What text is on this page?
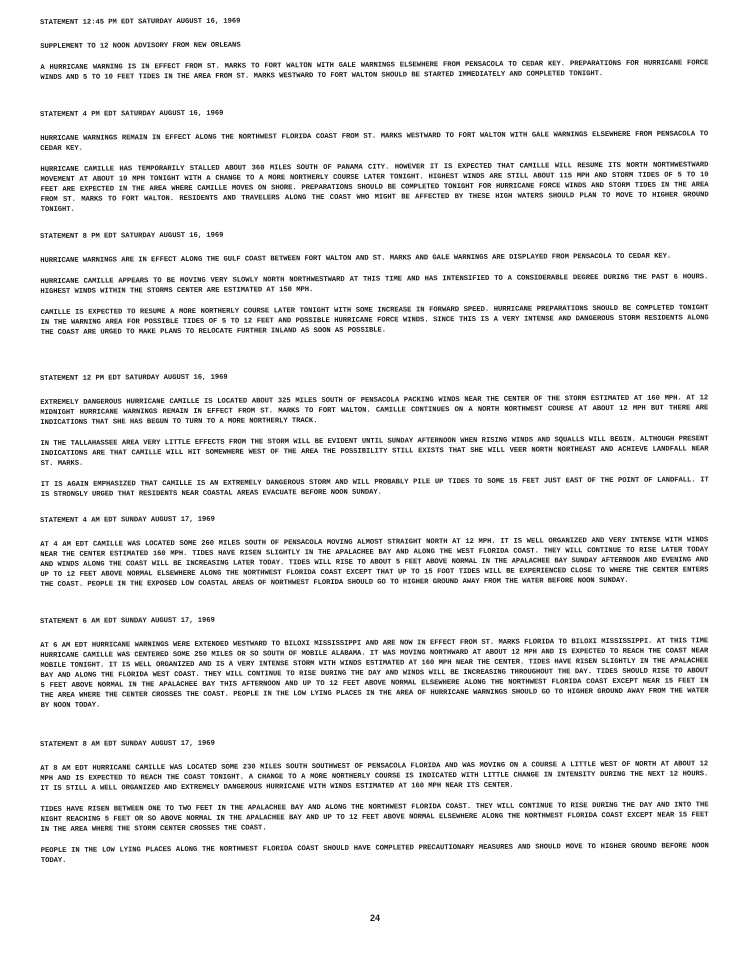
STATEMENT 12:45 PM EDT SATURDAY AUGUST 16, 1969

SUPPLEMENT TO 12 NOON ADVISORY FROM NEW ORLEANS

A HURRICANE WARNING IS IN EFFECT FROM ST. MARKS TO FORT WALTON WITH GALE WARNINGS ELSEWHERE FROM PENSACOLA TO CEDAR KEY. PREPARATIONS FOR HURRICANE FORCE WINDS AND 5 TO 10 FEET TIDES IN THE AREA FROM ST. MARKS WESTWARD TO FORT WALTON SHOULD BE STARTED IMMEDIATELY AND COMPLETED TONIGHT.

STATEMENT 4 PM EDT SATURDAY AUGUST 16, 1969

HURRICANE WARNINGS REMAIN IN EFFECT ALONG THE NORTHWEST FLORIDA COAST FROM ST. MARKS WESTWARD TO FORT WALTON WITH GALE WARNINGS ELSEWHERE FROM PENSACOLA TO CEDAR KEY.

HURRICANE CAMILLE HAS TEMPORARILY STALLED ABOUT 360 MILES SOUTH OF PANAMA CITY. HOWEVER IT IS EXPECTED THAT CAMILLE WILL RESUME ITS NORTH NORTHWESTWARD MOVEMENT AT ABOUT 10 MPH TONIGHT WITH A CHANGE TO A MORE NORTHERLY COURSE LATER TONIGHT. HIGHEST WINDS ARE STILL ABOUT 115 MPH AND STORM TIDES OF 5 TO 10 FEET ARE EXPECTED IN THE AREA WHERE CAMILLE MOVES ON SHORE. PREPARATIONS SHOULD BE COMPLETED TONIGHT FOR HURRICANE FORCE WINDS AND STORM TIDES IN THE AREA FROM ST. MARKS TO FORT WALTON. RESIDENTS AND TRAVELERS ALONG THE COAST WHO MIGHT BE AFFECTED BY THESE HIGH WATERS SHOULD PLAN TO MOVE TO HIGHER GROUND TONIGHT.

STATEMENT 8 PM EDT SATURDAY AUGUST 16, 1969

HURRICANE WARNINGS ARE IN EFFECT ALONG THE GULF COAST BETWEEN FORT WALTON AND ST. MARKS AND GALE WARNINGS ARE DISPLAYED FROM PENSACOLA TO CEDAR KEY.

HURRICANE CAMILLE APPEARS TO BE MOVING VERY SLOWLY NORTH NORTHWESTWARD AT THIS TIME AND HAS INTENSIFIED TO A CONSIDERABLE DEGREE DURING THE PAST 6 HOURS. HIGHEST WINDS WITHIN THE STORMS CENTER ARE ESTIMATED AT 150 MPH.

CAMILLE IS EXPECTED TO RESUME A MORE NORTHERLY COURSE LATER TONIGHT WITH SOME INCREASE IN FORWARD SPEED. HURRICANE PREPARATIONS SHOULD BE COMPLETED TONIGHT IN THE WARNING AREA FOR POSSIBLE TIDES OF 5 TO 12 FEET AND POSSIBLE HURRICANE FORCE WINDS. SINCE THIS IS A VERY INTENSE AND DANGEROUS STORM RESIDENTS ALONG THE COAST ARE URGED TO MAKE PLANS TO RELOCATE FURTHER INLAND AS SOON AS POSSIBLE.

STATEMENT 12 PM EDT SATURDAY AUGUST 16, 1969

EXTREMELY DANGEROUS HURRICANE CAMILLE IS LOCATED ABOUT 325 MILES SOUTH OF PENSACOLA PACKING WINDS NEAR THE CENTER OF THE STORM ESTIMATED AT 160 MPH. AT 12 MIDNIGHT HURRICANE WARNINGS REMAIN IN EFFECT FROM ST. MARKS TO FORT WALTON. CAMILLE CONTINUES ON A NORTH NORTHWEST COURSE AT ABOUT 12 MPH BUT THERE ARE INDICATIONS THAT SHE HAS BEGUN TO TURN TO A MORE NORTHERLY TRACK.

IN THE TALLAHASSEE AREA VERY LITTLE EFFECTS FROM THE STORM WILL BE EVIDENT UNTIL SUNDAY AFTERNOON WHEN RISING WINDS AND SQUALLS WILL BEGIN. ALTHOUGH PRESENT INDICATIONS ARE THAT CAMILLE WILL HIT SOMEWHERE WEST OF THE AREA THE POSSIBILITY STILL EXISTS THAT SHE WILL VEER NORTH NORTHEAST AND ACHIEVE LANDFALL NEAR ST. MARKS.

IT IS AGAIN EMPHASIZED THAT CAMILLE IS AN EXTREMELY DANGEROUS STORM AND WILL PROBABLY PILE UP TIDES TO SOME 15 FEET JUST EAST OF THE POINT OF LANDFALL. IT IS STRONGLY URGED THAT RESIDENTS NEAR COASTAL AREAS EVACUATE BEFORE NOON SUNDAY.

STATEMENT 4 AM EDT SUNDAY AUGUST 17, 1969

AT 4 AM EDT CAMILLE WAS LOCATED SOME 260 MILES SOUTH OF PENSACOLA MOVING ALMOST STRAIGHT NORTH AT 12 MPH. IT IS WELL ORGANIZED AND VERY INTENSE WITH WINDS NEAR THE CENTER ESTIMATED 160 MPH. TIDES HAVE RISEN SLIGHTLY IN THE APALACHEE BAY AND ALONG THE WEST FLORIDA COAST. THEY WILL CONTINUE TO RISE LATER TODAY AND WINDS ALONG THE COAST WILL BE INCREASING LATER TODAY. TIDES WILL RISE TO ABOUT 5 FEET ABOVE NORMAL IN THE APALACHEE BAY SUNDAY AFTERNOON AND EVENING AND UP TO 12 FEET ABOVE NORMAL ELSEWHERE ALONG THE NORTHWEST FLORIDA COAST EXCEPT THAT UP TO 15 FOOT TIDES WILL BE EXPERIENCED CLOSE TO WHERE THE CENTER ENTERS THE COAST. PEOPLE IN THE EXPOSED LOW COASTAL AREAS OF NORTHWEST FLORIDA SHOULD GO TO HIGHER GROUND AWAY FROM THE WATER BEFORE NOON SUNDAY.

STATEMENT 6 AM EDT SUNDAY AUGUST 17, 1969

AT 6 AM EDT HURRICANE WARNINGS WERE EXTENDED WESTWARD TO BILOXI MISSISSIPPI AND ARE NOW IN EFFECT FROM ST. MARKS FLORIDA TO BILOXI MISSISSIPPI. AT THIS TIME HURRICANE CAMILLE WAS CENTERED SOME 250 MILES OR SO SOUTH OF MOBILE ALABAMA. IT WAS MOVING NORTHWARD AT ABOUT 12 MPH AND IS EXPECTED TO REACH THE COAST NEAR MOBILE TONIGHT. IT IS WELL ORGANIZED AND IS A VERY INTENSE STORM WITH WINDS ESTIMATED AT 160 MPH NEAR THE CENTER. TIDES HAVE RISEN SLIGHTLY IN THE APALACHEE BAY AND ALONG THE FLORIDA WEST COAST. THEY WILL CONTINUE TO RISE DURING THE DAY AND WINDS WILL BE INCREASING THROUGHOUT THE DAY. TIDES SHOULD RISE TO ABOUT 5 FEET ABOVE NORMAL IN THE APALACHEE BAY THIS AFTERNOON AND UP TO 12 FEET ABOVE NORMAL ELSEWHERE ALONG THE NORTHWEST FLORIDA COAST EXCEPT NEAR 15 FEET IN THE AREA WHERE THE CENTER CROSSES THE COAST. PEOPLE IN THE LOW LYING PLACES IN THE AREA OF HURRICANE WARNINGS SHOULD GO TO HIGHER GROUND AWAY FROM THE WATER BY NOON TODAY.

STATEMENT 8 AM EDT SUNDAY AUGUST 17, 1969

AT 8 AM EDT HURRICANE CAMILLE WAS LOCATED SOME 230 MILES SOUTH SOUTHWEST OF PENSACOLA FLORIDA AND WAS MOVING ON A COURSE A LITTLE WEST OF NORTH AT ABOUT 12 MPH AND IS EXPECTED TO REACH THE COAST TONIGHT. A CHANGE TO A MORE NORTHERLY COURSE IS INDICATED WITH LITTLE CHANGE IN INTENSITY DURING THE NEXT 12 HOURS. IT IS STILL A WELL ORGANIZED AND EXTREMELY DANGEROUS HURRICANE WITH WINDS ESTIMATED AT 160 MPH NEAR ITS CENTER.

TIDES HAVE RISEN BETWEEN ONE TO TWO FEET IN THE APALACHEE BAY AND ALONG THE NORTHWEST FLORIDA COAST. THEY WILL CONTINUE TO RISE DURING THE DAY AND INTO THE NIGHT REACHING 5 FEET OR SO ABOVE NORMAL IN THE APALACHEE BAY AND UP TO 12 FEET ABOVE NORMAL ELSEWHERE ALONG THE NORTHWEST FLORIDA COAST EXCEPT NEAR 15 FEET IN THE AREA WHERE THE STORM CENTER CROSSES THE COAST.

PEOPLE IN THE LOW LYING PLACES ALONG THE NORTHWEST FLORIDA COAST SHOULD HAVE COMPLETED PRECAUTIONARY MEASURES AND SHOULD MOVE TO HIGHER GROUND BEFORE NOON TODAY.

24
